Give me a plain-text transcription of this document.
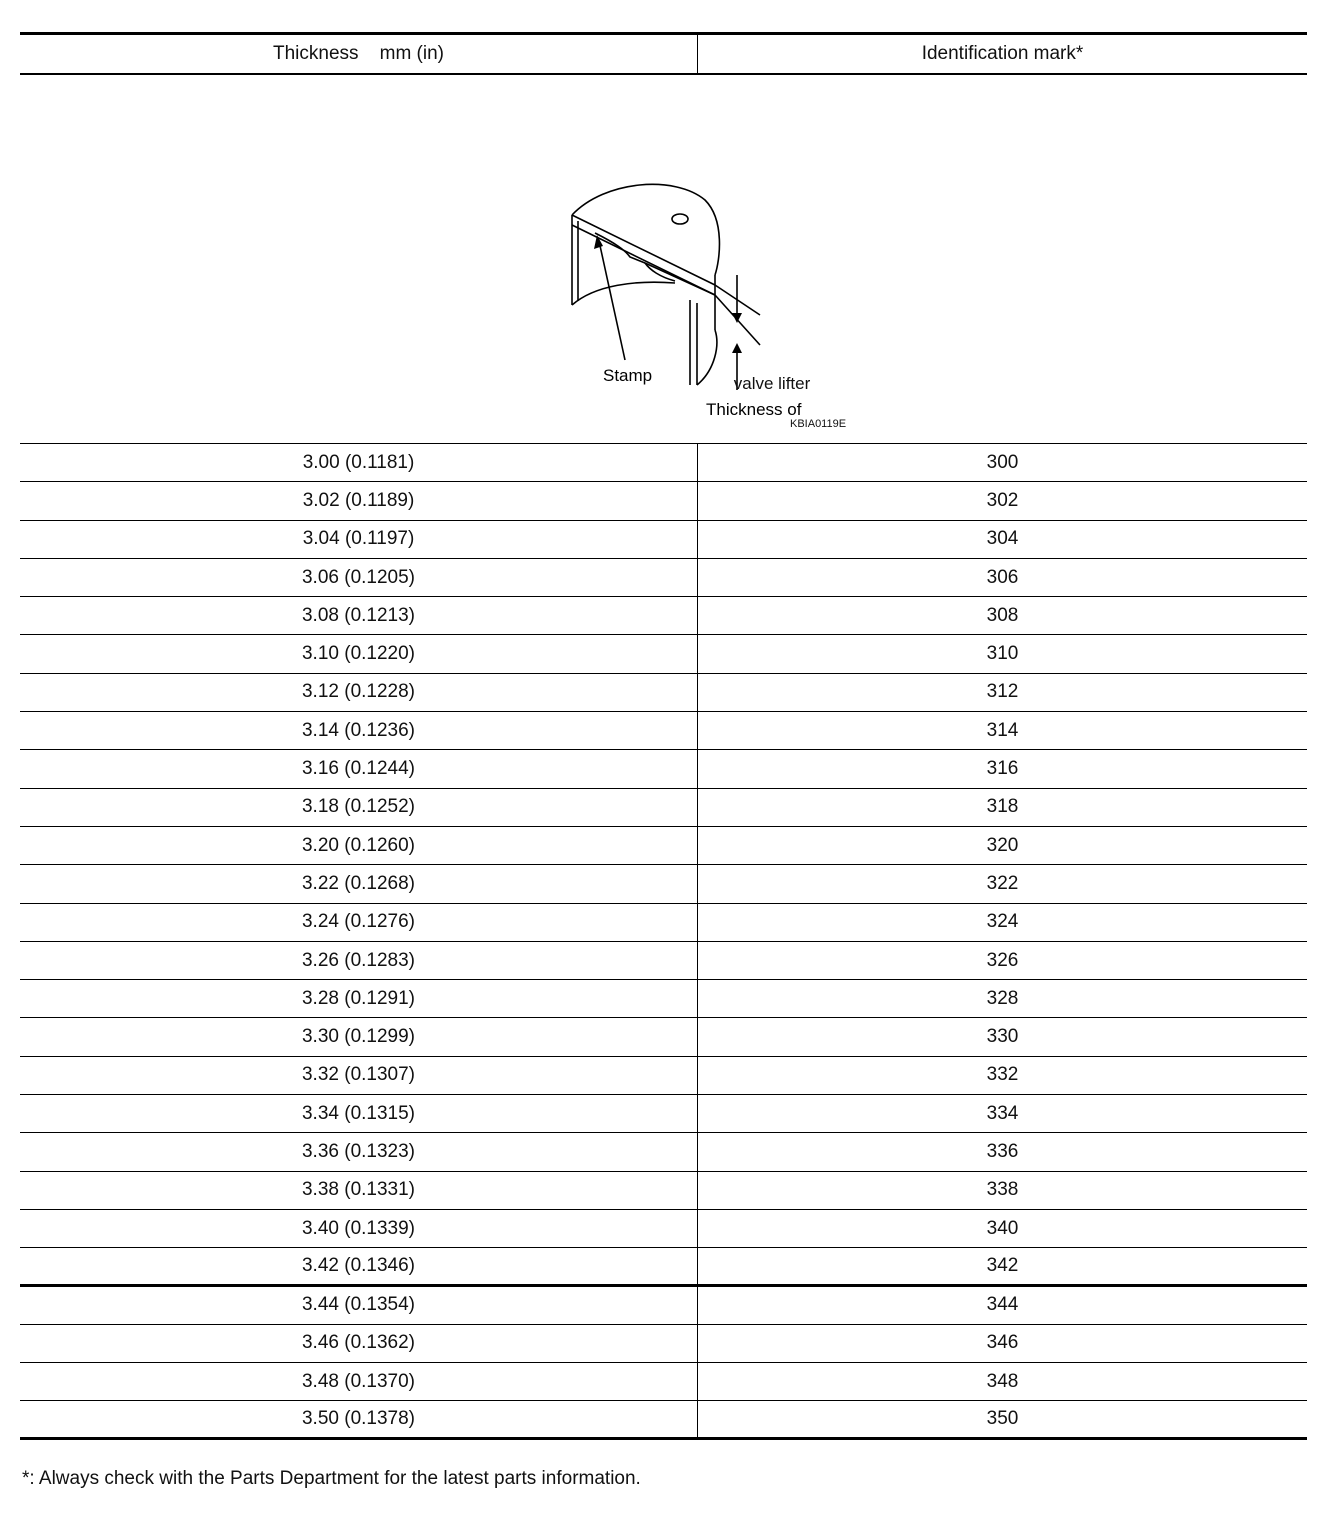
Thickness    mm (in)	Identification mark*
Stamp
Thickness of
valve lifter
KBIA0119E
3.00 (0.1181)	300
3.02 (0.1189)	302
3.04 (0.1197)	304
3.06 (0.1205)	306
3.08 (0.1213)	308
3.10 (0.1220)	310
3.12 (0.1228)	312
3.14 (0.1236)	314
3.16 (0.1244)	316
3.18 (0.1252)	318
3.20 (0.1260)	320
3.22 (0.1268)	322
3.24 (0.1276)	324
3.26 (0.1283)	326
3.28 (0.1291)	328
3.30 (0.1299)	330
3.32 (0.1307)	332
3.34 (0.1315)	334
3.36 (0.1323)	336
3.38 (0.1331)	338
3.40 (0.1339)	340
3.42 (0.1346)	342
3.44 (0.1354)	344
3.46 (0.1362)	346
3.48 (0.1370)	348
3.50 (0.1378)	350
*: Always check with the Parts Department for the latest parts information.
